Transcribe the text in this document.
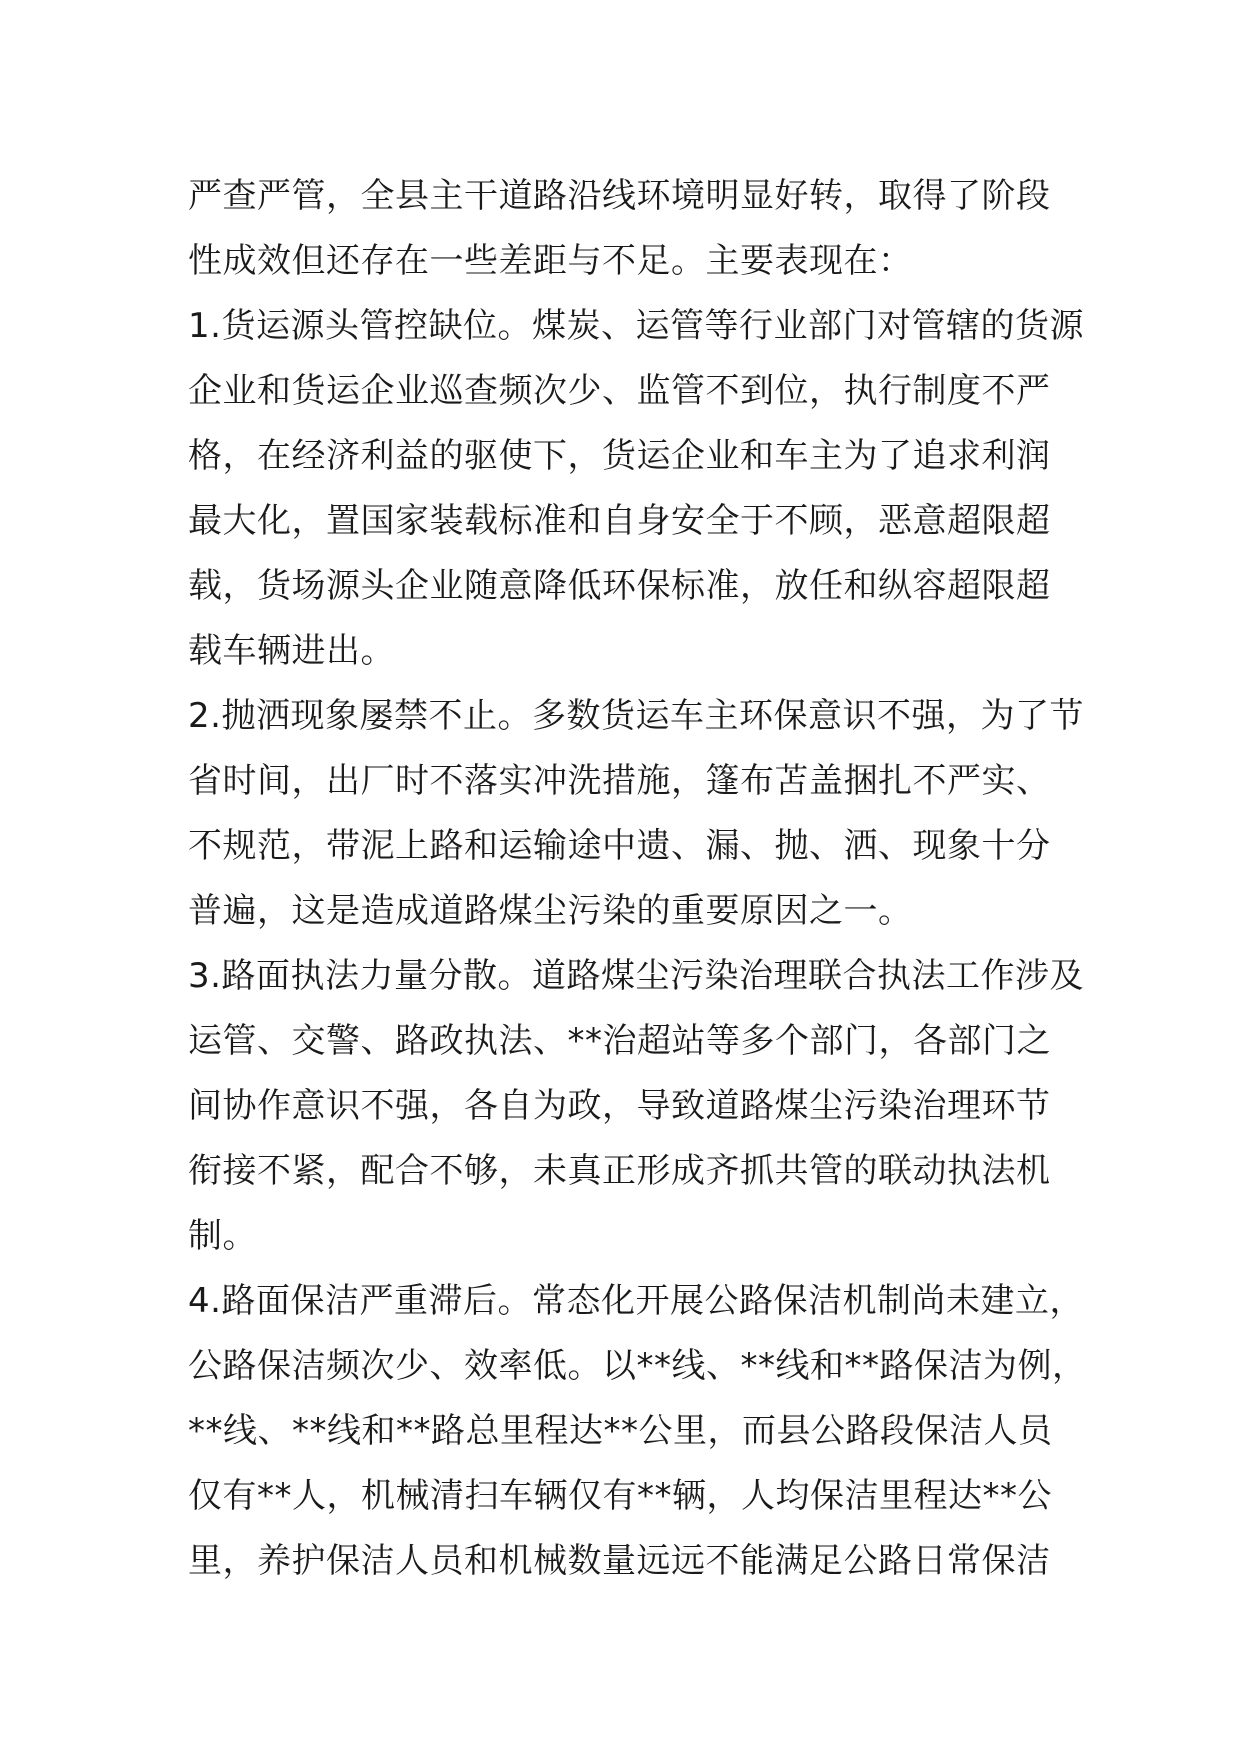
严查严管，全县主干道路沿线环境明显好转，取得了阶段
性成效但还存在一些差距与不足。主要表现在：
1.货运源头管控缺位。煤炭、运管等行业部门对管辖的货源
企业和货运企业巡查频次少、监管不到位，执行制度不严
格，在经济利益的驱使下，货运企业和车主为了追求利润
最大化，置国家装载标准和自身安全于不顾，恶意超限超
载，货场源头企业随意降低环保标准，放任和纵容超限超
载车辆进出。
2.抛洒现象屡禁不止。多数货运车主环保意识不强，为了节
省时间，出厂时不落实冲洗措施，篷布苫盖捆扎不严实、
不规范，带泥上路和运输途中遗、漏、抛、洒、现象十分
普遍，这是造成道路煤尘污染的重要原因之一。
3.路面执法力量分散。道路煤尘污染治理联合执法工作涉及
运管、交警、路政执法、**治超站等多个部门，各部门之
间协作意识不强，各自为政，导致道路煤尘污染治理环节
衔接不紧，配合不够，未真正形成齐抓共管的联动执法机
制。
4.路面保洁严重滞后。常态化开展公路保洁机制尚未建立，
公路保洁频次少、效率低。以**线、**线和**路保洁为例，
**线、**线和**路总里程达**公里，而县公路段保洁人员
仅有**人，机械清扫车辆仅有**辆，人均保洁里程达**公
里，养护保洁人员和机械数量远远不能满足公路日常保洁
